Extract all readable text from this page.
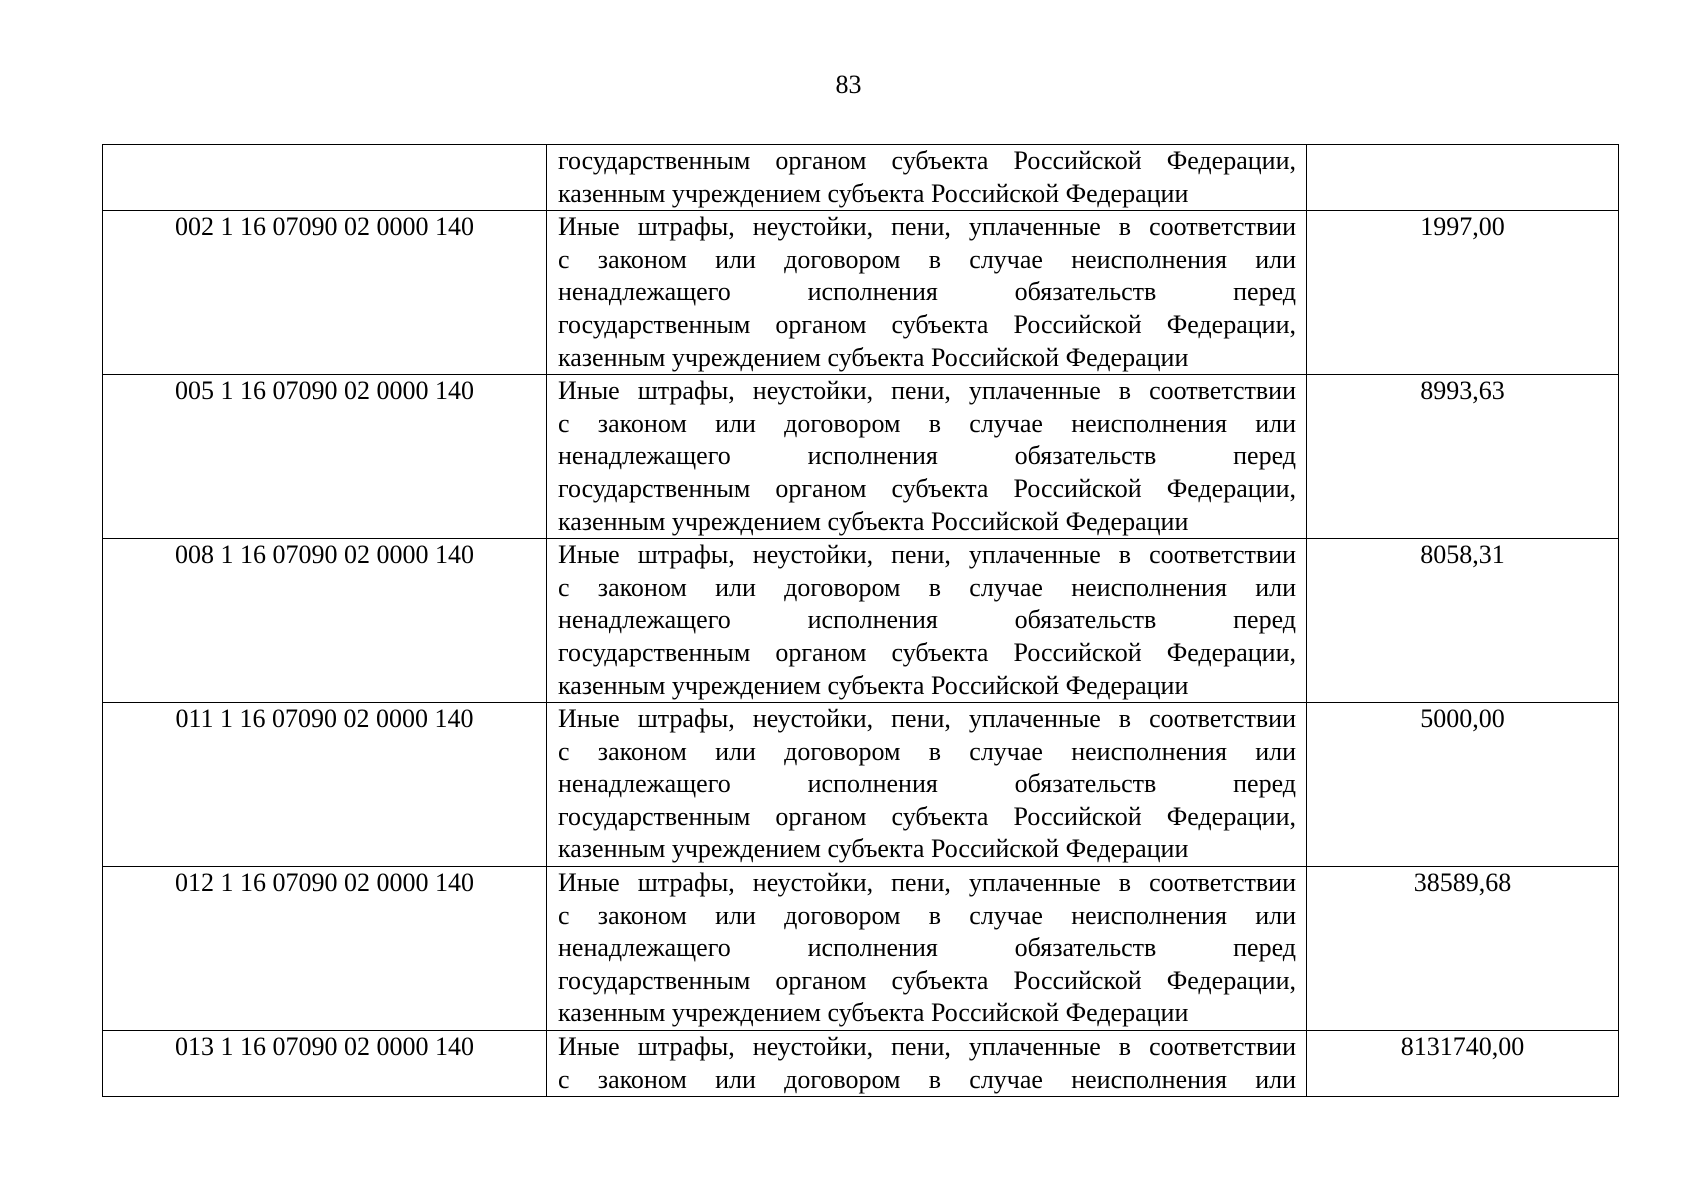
83

	государственным органом субъекта Российской Федерации,
казенным учреждением субъекта Российской Федерации	

002 1 16 07090 02 0000 140	Иные штрафы, неустойки, пени, уплаченные в соответствии
с законом или договором в случае неисполнения или
ненадлежащего исполнения обязательств перед
государственным органом субъекта Российской Федерации,
казенным учреждением субъекта Российской Федерации	1997,00
005 1 16 07090 02 0000 140	Иные штрафы, неустойки, пени, уплаченные в соответствии
с законом или договором в случае неисполнения или
ненадлежащего исполнения обязательств перед
государственным органом субъекта Российской Федерации,
казенным учреждением субъекта Российской Федерации	8993,63
008 1 16 07090 02 0000 140	Иные штрафы, неустойки, пени, уплаченные в соответствии
с законом или договором в случае неисполнения или
ненадлежащего исполнения обязательств перед
государственным органом субъекта Российской Федерации,
казенным учреждением субъекта Российской Федерации	8058,31
011 1 16 07090 02 0000 140	Иные штрафы, неустойки, пени, уплаченные в соответствии
с законом или договором в случае неисполнения или
ненадлежащего исполнения обязательств перед
государственным органом субъекта Российской Федерации,
казенным учреждением субъекта Российской Федерации	5000,00
012 1 16 07090 02 0000 140	Иные штрафы, неустойки, пени, уплаченные в соответствии
с законом или договором в случае неисполнения или
ненадлежащего исполнения обязательств перед
государственным органом субъекта Российской Федерации,
казенным учреждением субъекта Российской Федерации	38589,68
013 1 16 07090 02 0000 140	Иные штрафы, неустойки, пени, уплаченные в соответствии
с законом или договором в случае неисполнения или	8131740,00
